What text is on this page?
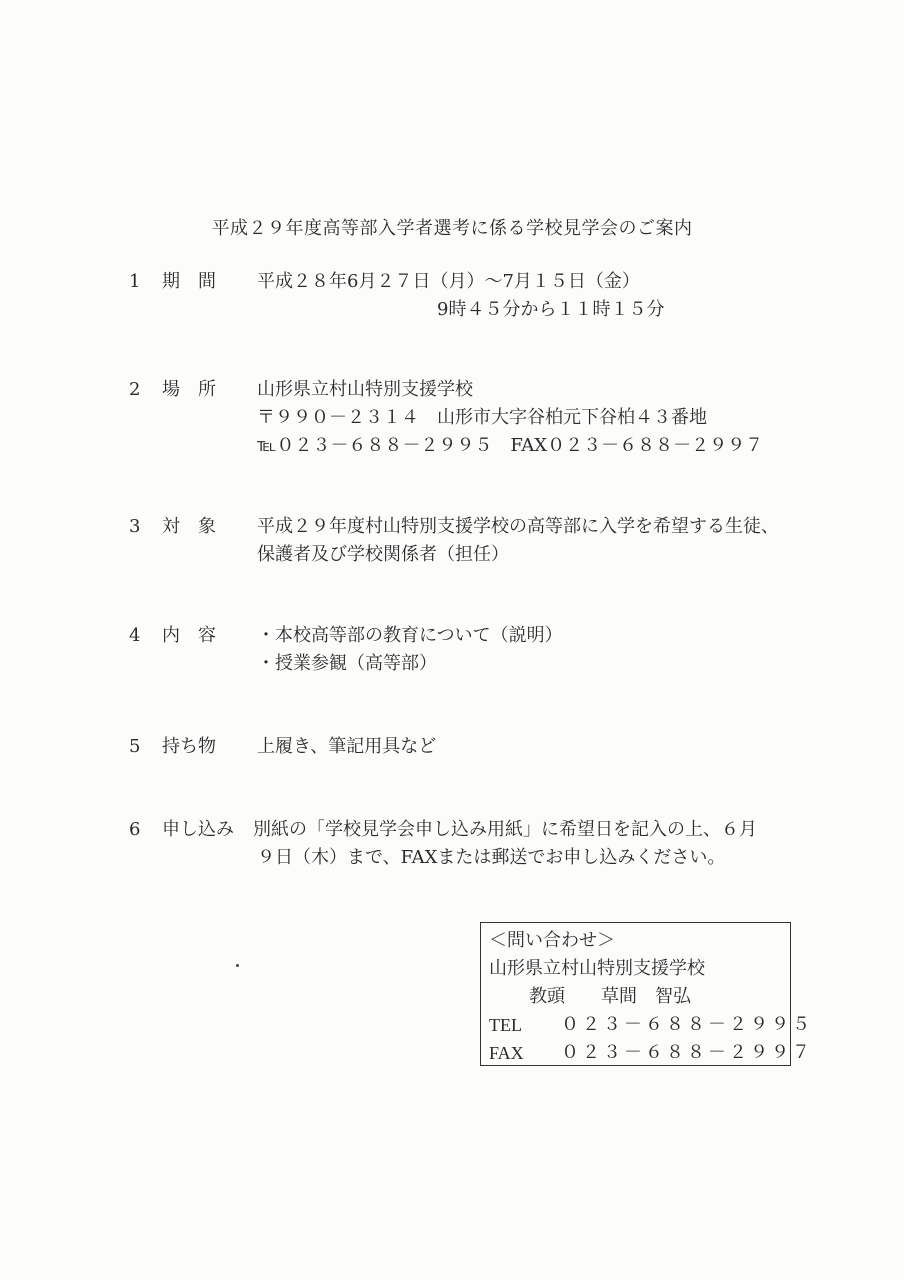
平成２９年度高等部入学者選考に係る学校見学会のご案内
1	期　間 平成２８年6月２７日（月）～7月１５日（金）
9時４５分から１１時１５分
2	場　所 山形県立村山特別支援学校
〒９９０－２３１４　山形市大字谷柏元下谷柏４３番地
℡０２３－６８８－２９９５　FAX０２３－６８８－２９９７
3	対　象 平成２９年度村山特別支援学校の高等部に入学を希望する生徒、
保護者及び学校関係者（担任）
4	内　容 ・本校高等部の教育について（説明）
・授業参観（高等部）
5	持ち物 上履き、筆記用具など
6	申し込み 別紙の「学校見学会申し込み用紙」に希望日を記入の上、６月
９日（木）まで、FAXまたは郵送でお申し込みください。
＜問い合わせ＞
山形県立村山特別支援学校
教頭 草間　智弘
TEL ０２３－６８８－２９９５
FAX ０２３－６８８－２９９７
